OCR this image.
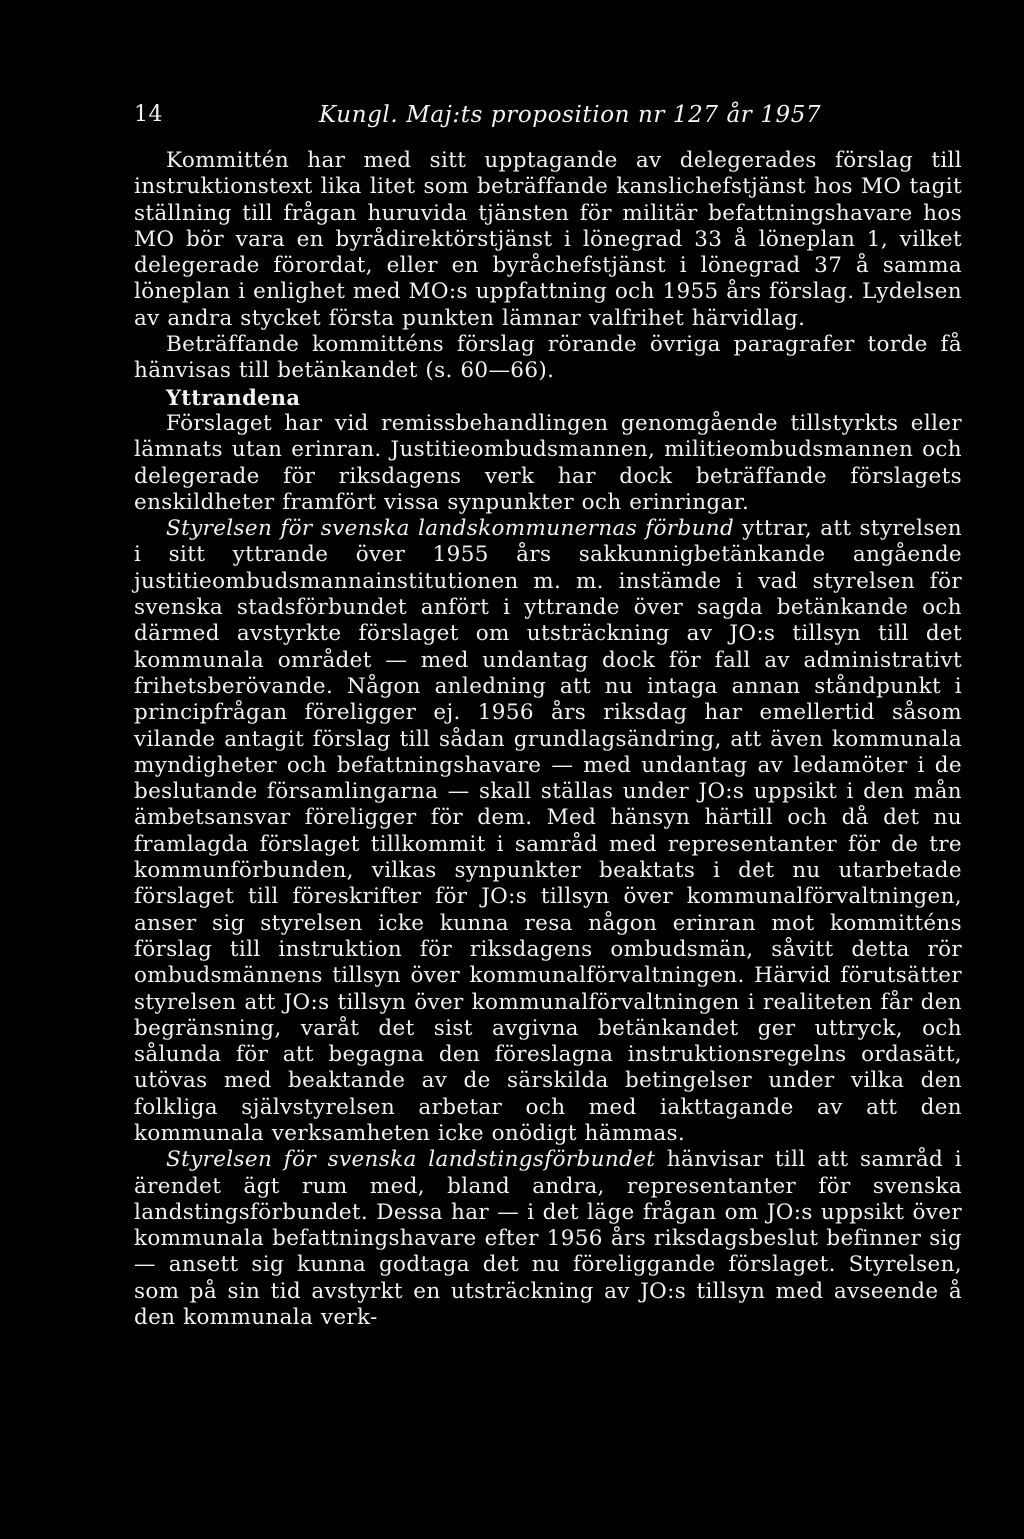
14	Kungl. Maj:ts proposition nr 127 år 1957

Kommittén har med sitt upptagande av delegerades förslag till instruktionstext lika litet som beträffande kanslichefstjänst hos MO tagit ställning till frågan huruvida tjänsten för militär befattningshavare hos MO bör vara en byrådirektörstjänst i lönegrad 33 å löneplan 1, vilket delegerade förordat, eller en byråchefstjänst i lönegrad 37 å samma löneplan i enlighet med MO:s uppfattning och 1955 års förslag. Lydelsen av andra stycket första punkten lämnar valfrihet härvidlag.

Beträffande kommitténs förslag rörande övriga paragrafer torde få hänvisas till betänkandet (s. 60—66).

Yttrandena

Förslaget har vid remissbehandlingen genomgående tillstyrkts eller lämnats utan erinran. Justitieombudsmannen, militieombudsmannen och delegerade för riksdagens verk har dock beträffande förslagets enskildheter framfört vissa synpunkter och erinringar.

Styrelsen för svenska landskommunernas förbund yttrar, att styrelsen i sitt yttrande över 1955 års sakkunnigbetänkande angående justitieombudsmannainstitutionen m. m. instämde i vad styrelsen för svenska stadsförbundet anfört i yttrande över sagda betänkande och därmed avstyrkte förslaget om utsträckning av JO:s tillsyn till det kommunala området — med undantag dock för fall av administrativt frihetsberövande. Någon anledning att nu intaga annan ståndpunkt i principfrågan föreligger ej. 1956 års riksdag har emellertid såsom vilande antagit förslag till sådan grundlagsändring, att även kommunala myndigheter och befattningshavare — med undantag av ledamöter i de beslutande församlingarna — skall ställas under JO:s uppsikt i den mån ämbetsansvar föreligger för dem. Med hänsyn härtill och då det nu framlagda förslaget tillkommit i samråd med representanter för de tre kommunförbunden, vilkas synpunkter beaktats i det nu utarbetade förslaget till föreskrifter för JO:s tillsyn över kommunalförvaltningen, anser sig styrelsen icke kunna resa någon erinran mot kommitténs förslag till instruktion för riksdagens ombudsmän, såvitt detta rör ombudsmännens tillsyn över kommunalförvaltningen. Härvid förutsätter styrelsen att JO:s tillsyn över kommunalförvaltningen i realiteten får den begränsning, varåt det sist avgivna betänkandet ger uttryck, och sålunda för att begagna den föreslagna instruktionsregelns ordasätt, utövas med beaktande av de särskilda betingelser under vilka den folkliga självstyrelsen arbetar och med iakttagande av att den kommunala verksamheten icke onödigt hämmas.

Styrelsen för svenska landstingsförbundet hänvisar till att samråd i ärendet ägt rum med, bland andra, representanter för svenska landstingsförbundet. Dessa har — i det läge frågan om JO:s uppsikt över kommunala befattningshavare efter 1956 års riksdagsbeslut befinner sig — ansett sig kunna godtaga det nu föreliggande förslaget. Styrelsen, som på sin tid avstyrkt en utsträckning av JO:s tillsyn med avseende å den kommunala verk-
